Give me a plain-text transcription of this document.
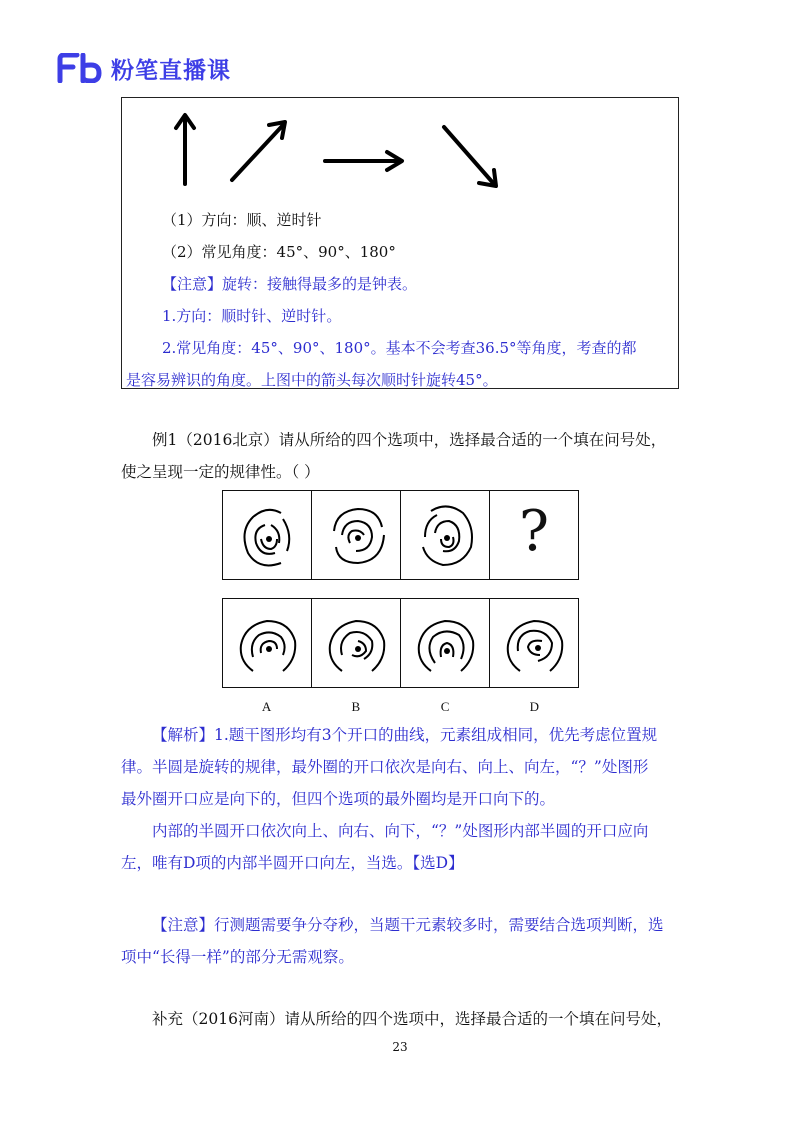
粉笔直播课
（1）方向：顺、逆时针
（2）常见角度：45°、90°、180°
【注意】旋转：接触得最多的是钟表。
1.方向：顺时针、逆时针。
2.常见角度：45°、90°、180°。基本不会考查36.5°等角度，考查的都
是容易辨识的角度。上图中的箭头每次顺时针旋转45°。
例1（2016北京）请从所给的四个选项中，选择最合适的一个填在问号处，
使之呈现一定的规律性。（ ）
?
A	B	C	D
【解析】1.题干图形均有3个开口的曲线，元素组成相同，优先考虑位置规
律。半圆是旋转的规律，最外圈的开口依次是向右、向上、向左，“？”处图形
最外圈开口应是向下的，但四个选项的最外圈均是开口向下的。
内部的半圆开口依次向上、向右、向下，“？”处图形内部半圆的开口应向
左，唯有D项的内部半圆开口向左，当选。【选D】
【注意】行测题需要争分夺秒，当题干元素较多时，需要结合选项判断，选
项中“长得一样”的部分无需观察。
补充（2016河南）请从所给的四个选项中，选择最合适的一个填在问号处，
23
